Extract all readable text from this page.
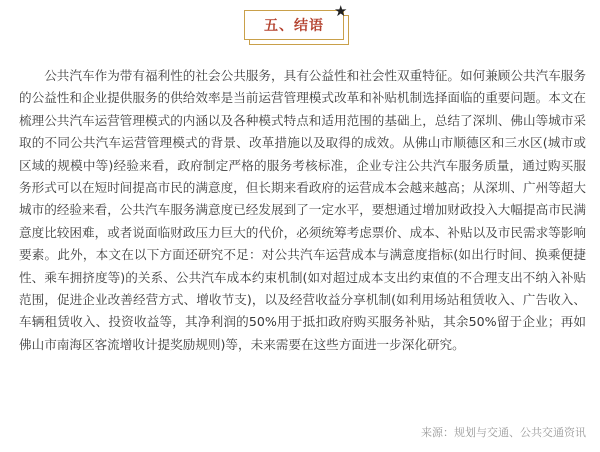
五、结语
★

公共汽车作为带有福利性的社会公共服务，具有公益性和社会性双重特征。如何兼顾公共汽车服务的公益性和企业提供服务的供给效率是当前运营管理模式改革和补贴机制选择面临的重要问题。本文在梳理公共汽车运营管理模式的内涵以及各种模式特点和适用范围的基础上，总结了深圳、佛山等城市采取的不同公共汽车运营管理模式的背景、改革措施以及取得的成效。从佛山市顺德区和三水区(城市或区域的规模中等)经验来看，政府制定严格的服务考核标准，企业专注公共汽车服务质量，通过购买服务形式可以在短时间提高市民的满意度，但长期来看政府的运营成本会越来越高；从深圳、广州等超大城市的经验来看，公共汽车服务满意度已经发展到了一定水平，要想通过增加财政投入大幅提高市民满意度比较困难，或者说面临财政压力巨大的代价，必须统筹考虑票价、成本、补贴以及市民需求等影响要素。此外，本文在以下方面还研究不足：对公共汽车运营成本与满意度指标(如出行时间、换乘便捷性、乘车拥挤度等)的关系、公共汽车成本约束机制(如对超过成本支出约束值的不合理支出不纳入补贴范围，促进企业改善经营方式、增收节支)，以及经营收益分享机制(如利用场站租赁收入、广告收入、车辆租赁收入、投资收益等，其净利润的50%用于抵扣政府购买服务补贴，其余50%留于企业；再如佛山市南海区客流增收计提奖励规则)等，未来需要在这些方面进一步深化研究。

来源：规划与交通、公共交通资讯
